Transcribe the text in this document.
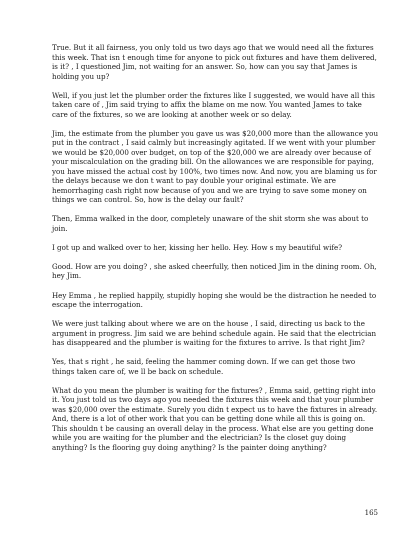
True. But it all fairness, you only told us two days ago that we would need all the fixtures this week. That isn t enough time for anyone to pick out fixtures and have them delivered, is it? , I questioned Jim, not waiting for an answer. So, how can you say that James is holding you up?

Well, if you just let the plumber order the fixtures like I suggested, we would have all this taken care of , Jim said trying to affix the blame on me now. You wanted James to take care of the fixtures, so we are looking at another week or so delay.

Jim, the estimate from the plumber you gave us was $20,000 more than the allowance you put in the contract , I said calmly but increasingly agitated. If we went with your plumber we would be $20,000 over budget, on top of the $20,000 we are already over because of your miscalculation on the grading bill. On the allowances we are responsible for paying, you have missed the actual cost by 100%, two times now. And now, you are blaming us for the delays because we don t want to pay double your original estimate. We are hemorrhaging cash right now because of you and we are trying to save some money on things we can control. So, how is the delay our fault?

Then, Emma walked in the door, completely unaware of the shit storm she was about to join.

I got up and walked over to her, kissing her hello. Hey. How s my beautiful wife?

Good. How are you doing? , she asked cheerfully, then noticed Jim in the dining room. Oh, hey Jim.

Hey Emma , he replied happily, stupidly hoping she would be the distraction he needed to escape the interrogation.

We were just talking about where we are on the house , I said, directing us back to the argument in progress. Jim said we are behind schedule again. He said that the electrician has disappeared and the plumber is waiting for the fixtures to arrive. Is that right Jim?

Yes, that s right , he said, feeling the hammer coming down. If we can get those two things taken care of, we ll be back on schedule.

What do you mean the plumber is waiting for the fixtures? , Emma said, getting right into it. You just told us two days ago you needed the fixtures this week and that your plumber was $20,000 over the estimate. Surely you didn t expect us to have the fixtures in already. And, there is a lot of other work that you can be getting done while all this is going on. This shouldn t be causing an overall delay in the process. What else are you getting done while you are waiting for the plumber and the electrician? Is the closet guy doing anything? Is the flooring guy doing anything? Is the painter doing anything?

165
